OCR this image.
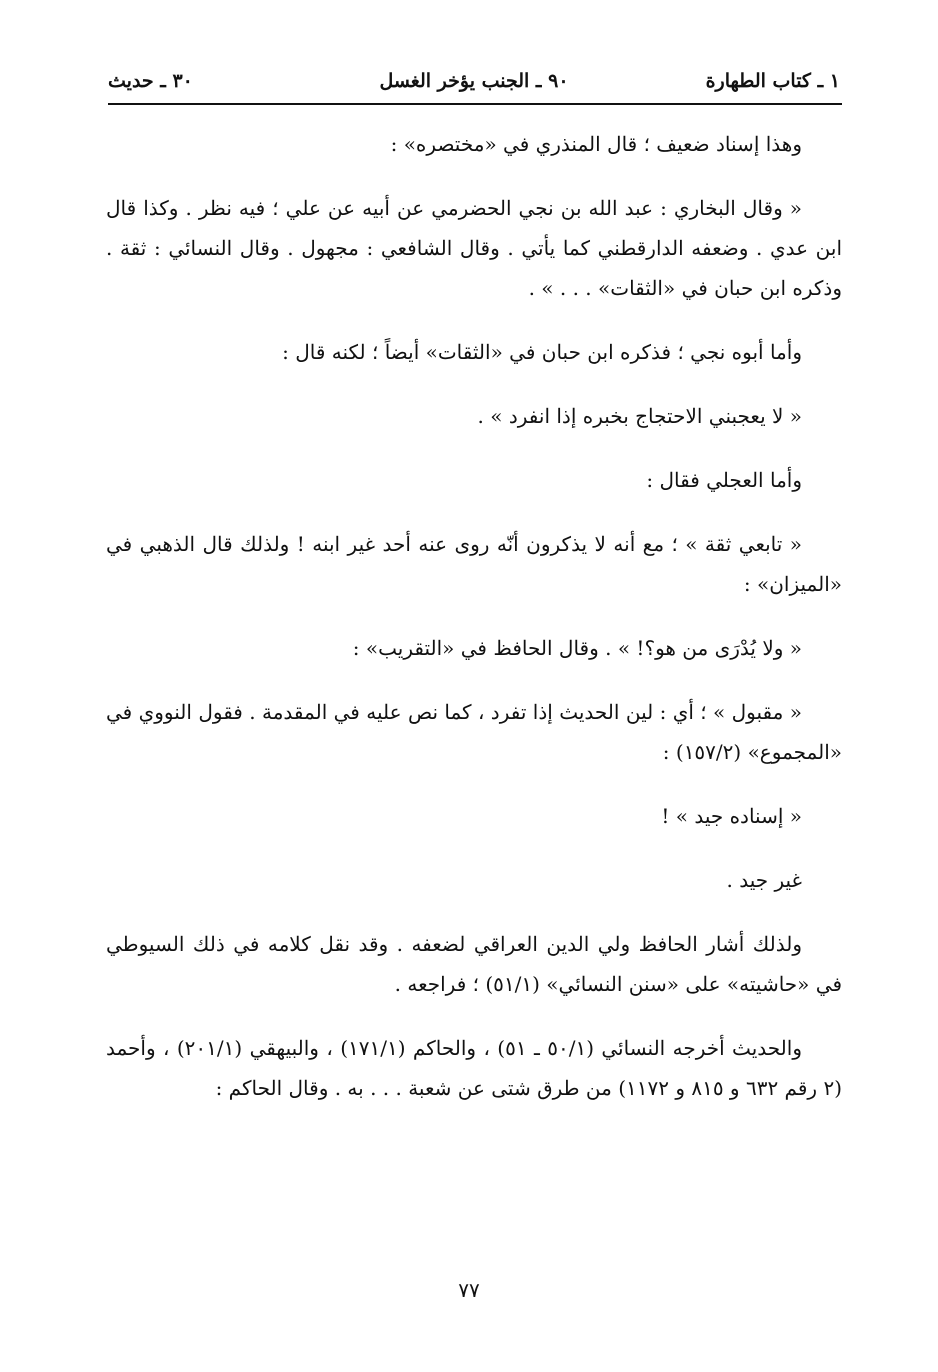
١ ـ كتاب الطهارة
٩٠ ـ الجنب يؤخر الغسل
٣٠ ـ حديث

وهذا إسناد ضعيف ؛ قال المنذري في «مختصره» :

« وقال البخاري : عبد الله بن نجي الحضرمي عن أبيه عن علي ؛ فيه نظر . وكذا قال ابن عدي . وضعفه الدارقطني كما يأتي . وقال الشافعي : مجهول . وقال النسائي : ثقة . وذكره ابن حبان في «الثقات» . . . » .

وأما أبوه نجي ؛ فذكره ابن حبان في «الثقات» أيضاً ؛ لكنه قال :

« لا يعجبني الاحتجاج بخبره إذا انفرد » .

وأما العجلي فقال :

« تابعي ثقة » ؛ مع أنه لا يذكرون أنّه روى عنه أحد غير ابنه ! ولذلك قال الذهبي في «الميزان» :

« ولا يُدْرَى من هو؟! » . وقال الحافظ في «التقريب» :

« مقبول » ؛ أي : لين الحديث إذا تفرد ، كما نص عليه في المقدمة . فقول النووي في «المجموع» (١٥٧/٢) :

« إسناده جيد » !

غير جيد .

ولذلك أشار الحافظ ولي الدين العراقي لضعفه . وقد نقل كلامه في ذلك السيوطي في «حاشيته» على «سنن النسائي» (٥١/١) ؛ فراجعه .

والحديث أخرجه النسائي (٥٠/١ ـ ٥١) ، والحاكم (١٧١/١) ، والبيهقي (٢٠١/١) ، وأحمد (٢ رقم ٦٣٢ و ٨١٥ و ١١٧٢) من طرق شتى عن شعبة . . . به . وقال الحاكم :

٧٧
